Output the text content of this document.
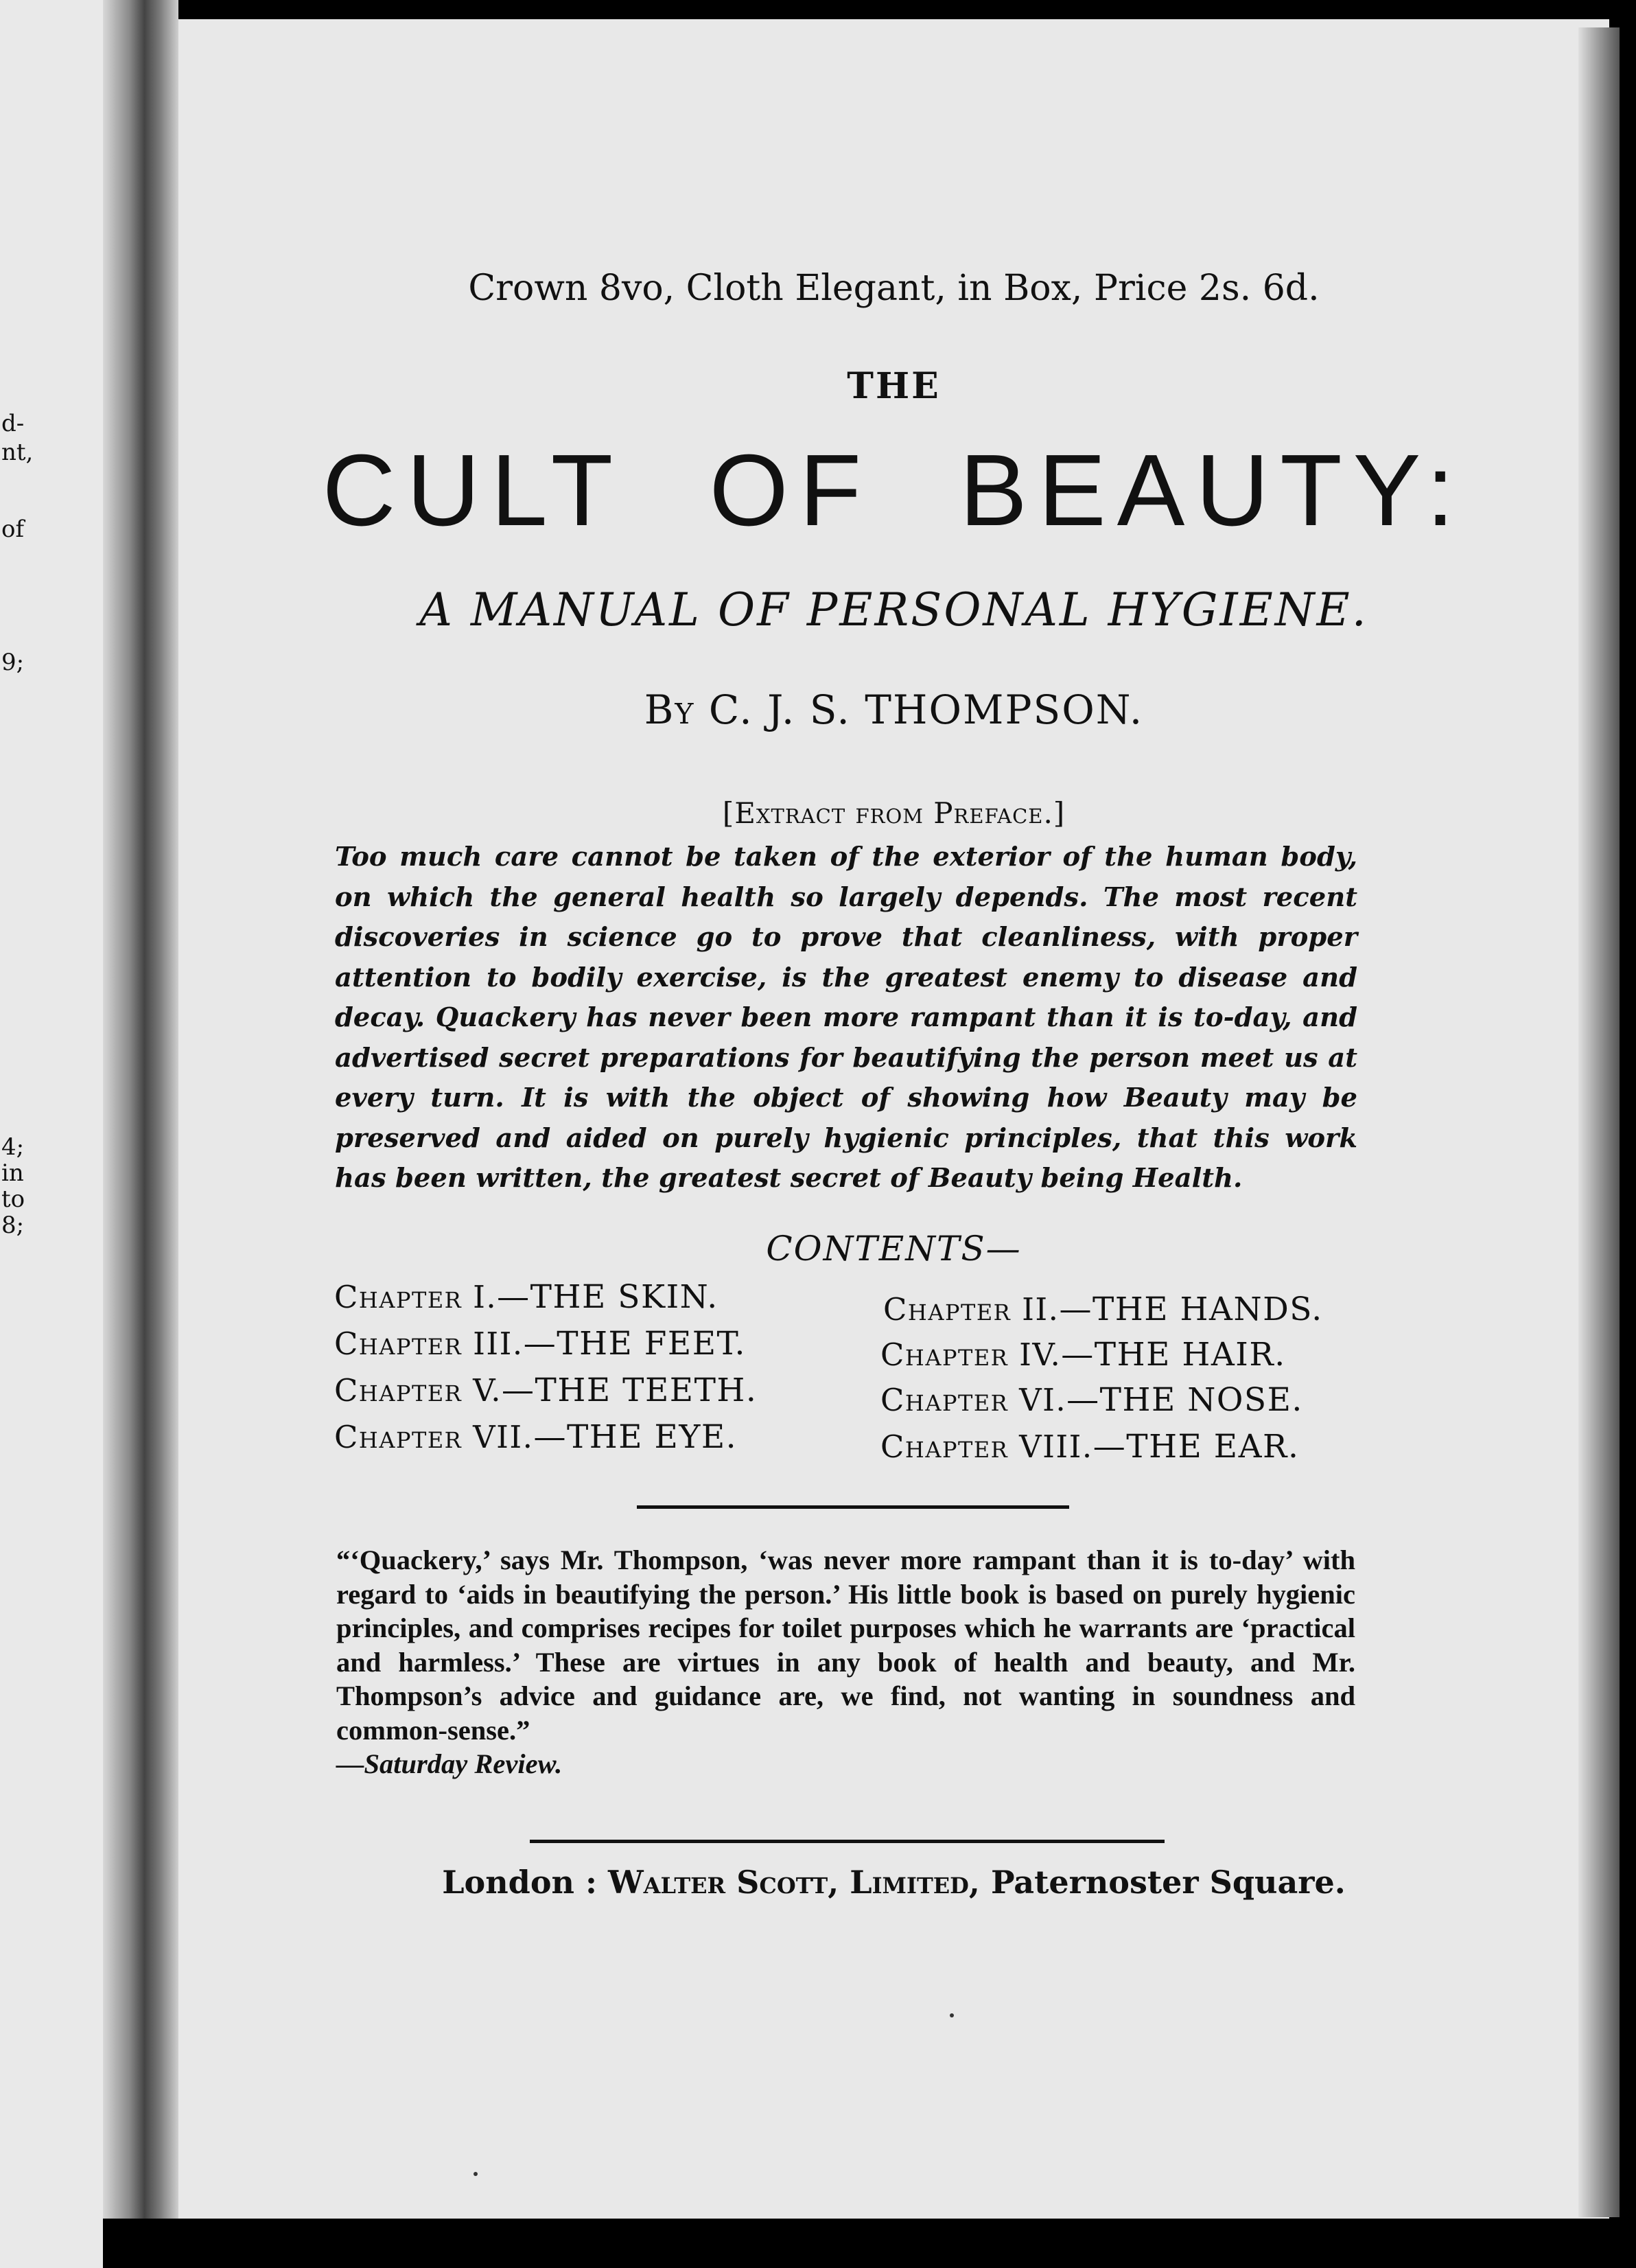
d-
nt,
of
9;
4;
in
to
8;
Crown 8vo, Cloth Elegant, in Box, Price 2s. 6d.
THE
CULT OF BEAUTY:
A MANUAL OF PERSONAL HYGIENE.
By C. J. S. THOMPSON.
[Extract from Preface.]
Too much care cannot be taken of the exterior of the human body, on which the general health so largely depends. The most recent discoveries in science go to prove that cleanliness, with proper attention to bodily exercise, is the greatest enemy to disease and decay. Quackery has never been more rampant than it is to-day, and advertised secret preparations for beautifying the person meet us at every turn. It is with the object of showing how Beauty may be preserved and aided on purely hygienic principles, that this work has been written, the greatest secret of Beauty being Health.
CONTENTS—
Chapter I.—THE SKIN.	Chapter II.—THE HANDS.
Chapter III.—THE FEET.	Chapter IV.—THE HAIR.
Chapter V.—THE TEETH.	Chapter VI.—THE NOSE.
Chapter VII.—THE EYE.	Chapter VIII.—THE EAR.
“‘Quackery,’ says Mr. Thompson, ‘was never more rampant than it is to-day’ with regard to ‘aids in beautifying the person.’ His little book is based on purely hygienic principles, and comprises recipes for toilet purposes which he warrants are ‘practical and harmless.’ These are virtues in any book of health and beauty, and Mr. Thompson’s advice and guidance are, we find, not wanting in soundness and common-sense.”
—Saturday Review.
London : Walter Scott, Limited, Paternoster Square.
